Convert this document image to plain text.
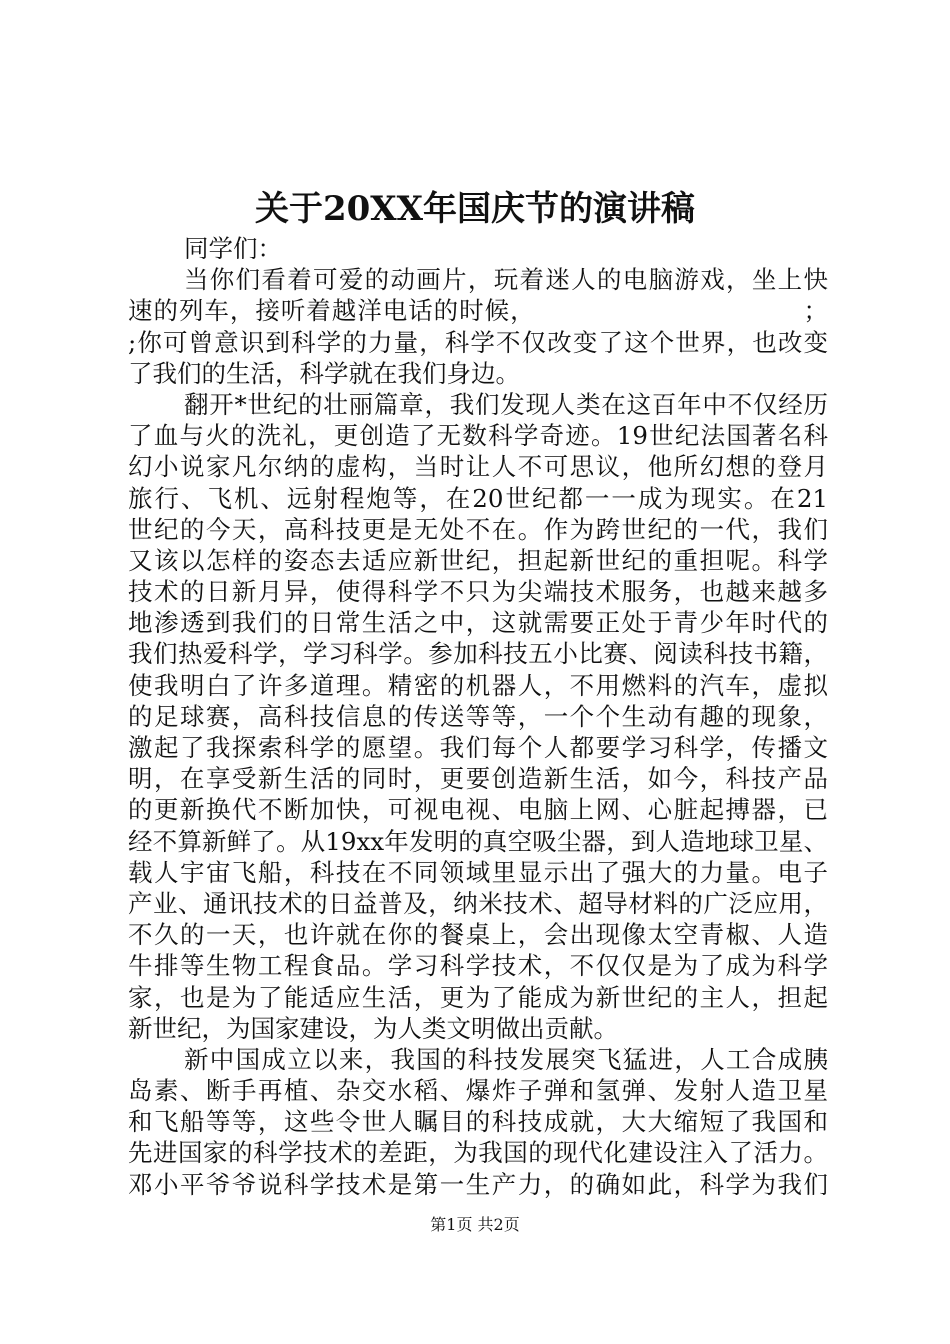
关于20XX年国庆节的演讲稿
同学们：
当你们看着可爱的动画片，玩着迷人的电脑游戏，坐上快
速的列车，接听着越洋电话的时候，　　　　　　　　　　　；
;你可曾意识到科学的力量，科学不仅改变了这个世界，也改变
了我们的生活，科学就在我们身边。
翻开*世纪的壮丽篇章，我们发现人类在这百年中不仅经历
了血与火的洗礼，更创造了无数科学奇迹。19世纪法国著名科
幻小说家凡尔纳的虚构，当时让人不可思议，他所幻想的登月
旅行、飞机、远射程炮等，在20世纪都一一成为现实。在21
世纪的今天，高科技更是无处不在。作为跨世纪的一代，我们
又该以怎样的姿态去适应新世纪，担起新世纪的重担呢。科学
技术的日新月异，使得科学不只为尖端技术服务，也越来越多
地渗透到我们的日常生活之中，这就需要正处于青少年时代的
我们热爱科学，学习科学。参加科技五小比赛、阅读科技书籍，
使我明白了许多道理。精密的机器人，不用燃料的汽车，虚拟
的足球赛，高科技信息的传送等等，一个个生动有趣的现象，
激起了我探索科学的愿望。我们每个人都要学习科学，传播文
明，在享受新生活的同时，更要创造新生活，如今，科技产品
的更新换代不断加快，可视电视、电脑上网、心脏起搏器，已
经不算新鲜了。从19xx年发明的真空吸尘器，到人造地球卫星、
载人宇宙飞船，科技在不同领域里显示出了强大的力量。电子
产业、通讯技术的日益普及，纳米技术、超导材料的广泛应用，
不久的一天，也许就在你的餐桌上，会出现像太空青椒、人造
牛排等生物工程食品。学习科学技术，不仅仅是为了成为科学
家，也是为了能适应生活，更为了能成为新世纪的主人，担起
新世纪，为国家建设，为人类文明做出贡献。
新中国成立以来，我国的科技发展突飞猛进，人工合成胰
岛素、断手再植、杂交水稻、爆炸子弹和氢弹、发射人造卫星
和飞船等等，这些令世人瞩目的科技成就，大大缩短了我国和
先进国家的科学技术的差距，为我国的现代化建设注入了活力。
邓小平爷爷说科学技术是第一生产力，的确如此，科学为我们
第1页 共2页
